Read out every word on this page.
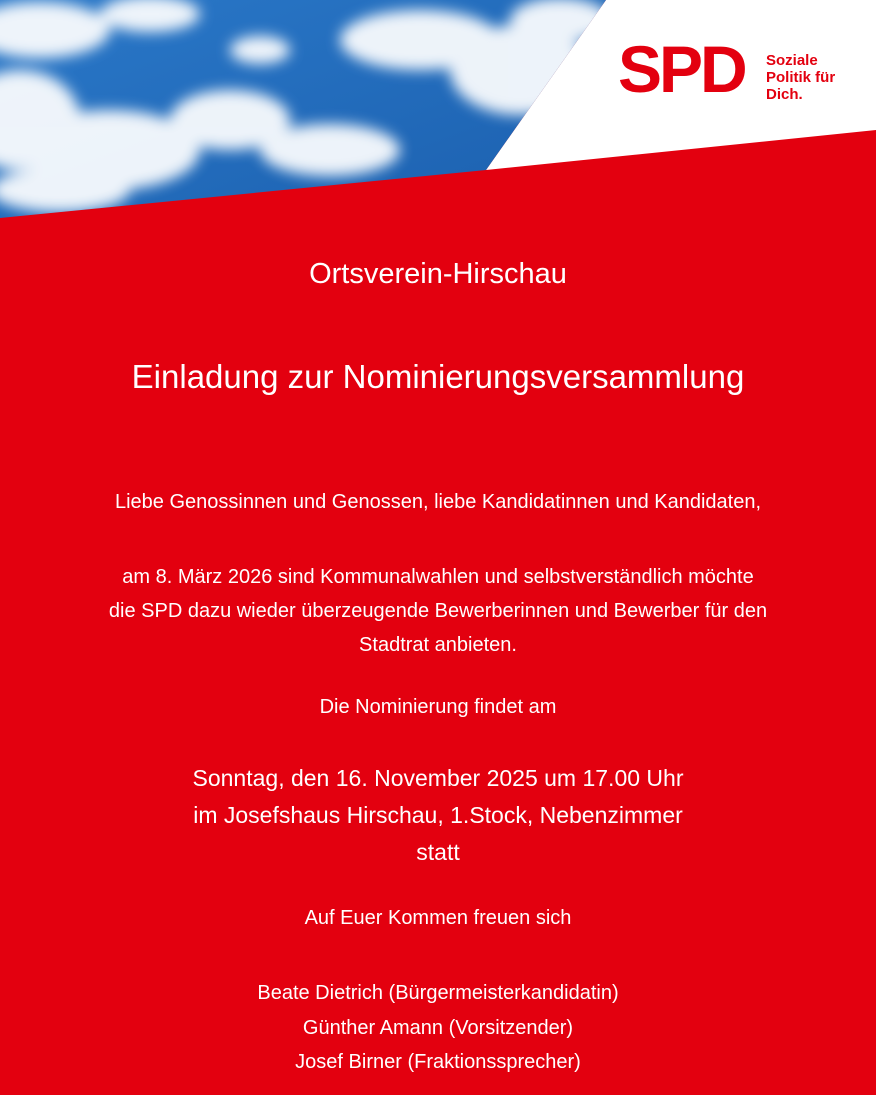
SPD Soziale
Politik für
Dich.
Ortsverein-Hirschau
Einladung zur Nominierungsversammlung
Liebe Genossinnen und Genossen, liebe Kandidatinnen und Kandidaten,
am 8. März 2026 sind Kommunalwahlen und selbstverständlich möchte
die SPD dazu wieder überzeugende Bewerberinnen und Bewerber für den
Stadtrat anbieten.
Die Nominierung findet am
Sonntag, den 16. November 2025 um 17.00 Uhr
im Josefshaus Hirschau, 1.Stock, Nebenzimmer
statt
Auf Euer Kommen freuen sich
Beate Dietrich (Bürgermeisterkandidatin)
Günther Amann (Vorsitzender)
Josef Birner (Fraktionssprecher)
